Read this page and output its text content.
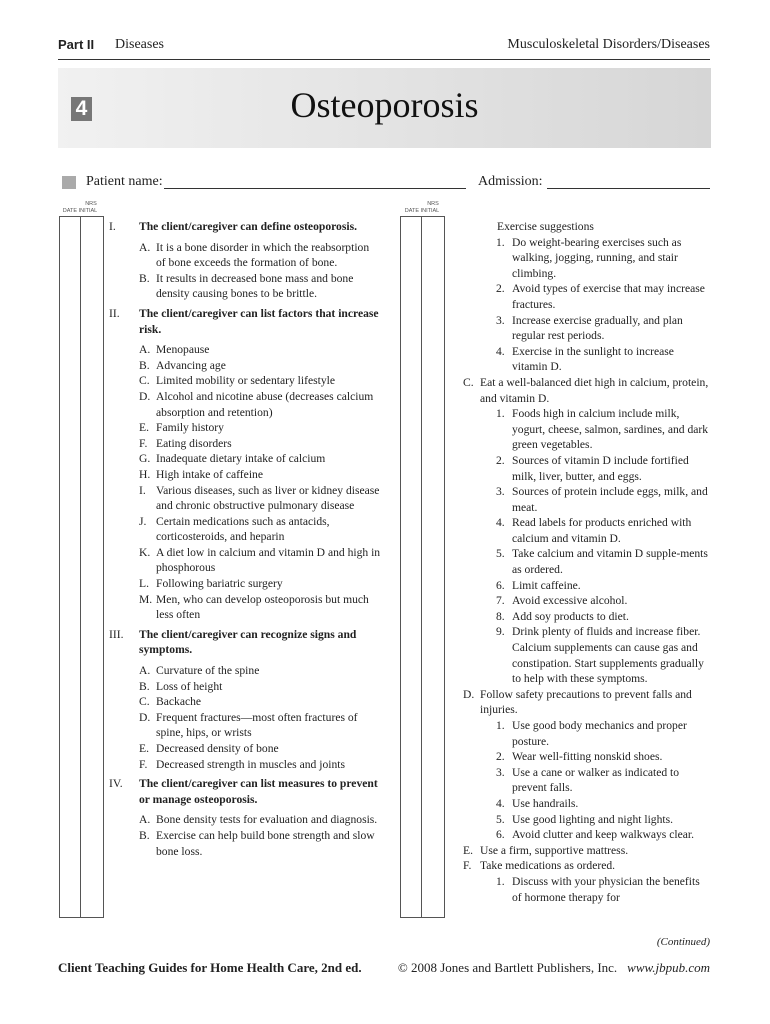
Part II Diseases	Musculoskeletal Disorders/Diseases
4	Osteoporosis
Patient name:	Admission:
NRS
DATE INITIAL
NRS
DATE INITIAL
I. The client/caregiver can define osteoporosis.
A. It is a bone disorder in which the reabsorption of bone exceeds the formation of bone.
B. It results in decreased bone mass and bone density causing bones to be brittle.
II. The client/caregiver can list factors that increase risk.
A. Menopause
B. Advancing age
C. Limited mobility or sedentary lifestyle
D. Alcohol and nicotine abuse (decreases calcium absorption and retention)
E. Family history
F. Eating disorders
G. Inadequate dietary intake of calcium
H. High intake of caffeine
I. Various diseases, such as liver or kidney disease and chronic obstructive pulmonary disease
J. Certain medications such as antacids, corticosteroids, and heparin
K. A diet low in calcium and vitamin D and high in phosphorous
L. Following bariatric surgery
M. Men, who can develop osteoporosis but much less often
III. The client/caregiver can recognize signs and symptoms.
A. Curvature of the spine
B. Loss of height
C. Backache
D. Frequent fractures—most often fractures of spine, hips, or wrists
E. Decreased density of bone
F. Decreased strength in muscles and joints
IV. The client/caregiver can list measures to prevent or manage osteoporosis.
A. Bone density tests for evaluation and diagnosis.
B. Exercise can help build bone strength and slow bone loss.
Exercise suggestions
1. Do weight-bearing exercises such as walking, jogging, running, and stair climbing.
2. Avoid types of exercise that may increase fractures.
3. Increase exercise gradually, and plan regular rest periods.
4. Exercise in the sunlight to increase vitamin D.
C. Eat a well-balanced diet high in calcium, protein, and vitamin D.
1. Foods high in calcium include milk, yogurt, cheese, salmon, sardines, and dark green vegetables.
2. Sources of vitamin D include fortified milk, liver, butter, and eggs.
3. Sources of protein include eggs, milk, and meat.
4. Read labels for products enriched with calcium and vitamin D.
5. Take calcium and vitamin D supple-ments as ordered.
6. Limit caffeine.
7. Avoid excessive alcohol.
8. Add soy products to diet.
9. Drink plenty of fluids and increase fiber. Calcium supplements can cause gas and constipation. Start supplements gradually to help with these symptoms.
D. Follow safety precautions to prevent falls and injuries.
1. Use good body mechanics and proper posture.
2. Wear well-fitting nonskid shoes.
3. Use a cane or walker as indicated to prevent falls.
4. Use handrails.
5. Use good lighting and night lights.
6. Avoid clutter and keep walkways clear.
E. Use a firm, supportive mattress.
F. Take medications as ordered.
1. Discuss with your physician the benefits of hormone therapy for
(Continued)
Client Teaching Guides for Home Health Care, 2nd ed.	© 2008 Jones and Bartlett Publishers, Inc. www.jbpub.com
